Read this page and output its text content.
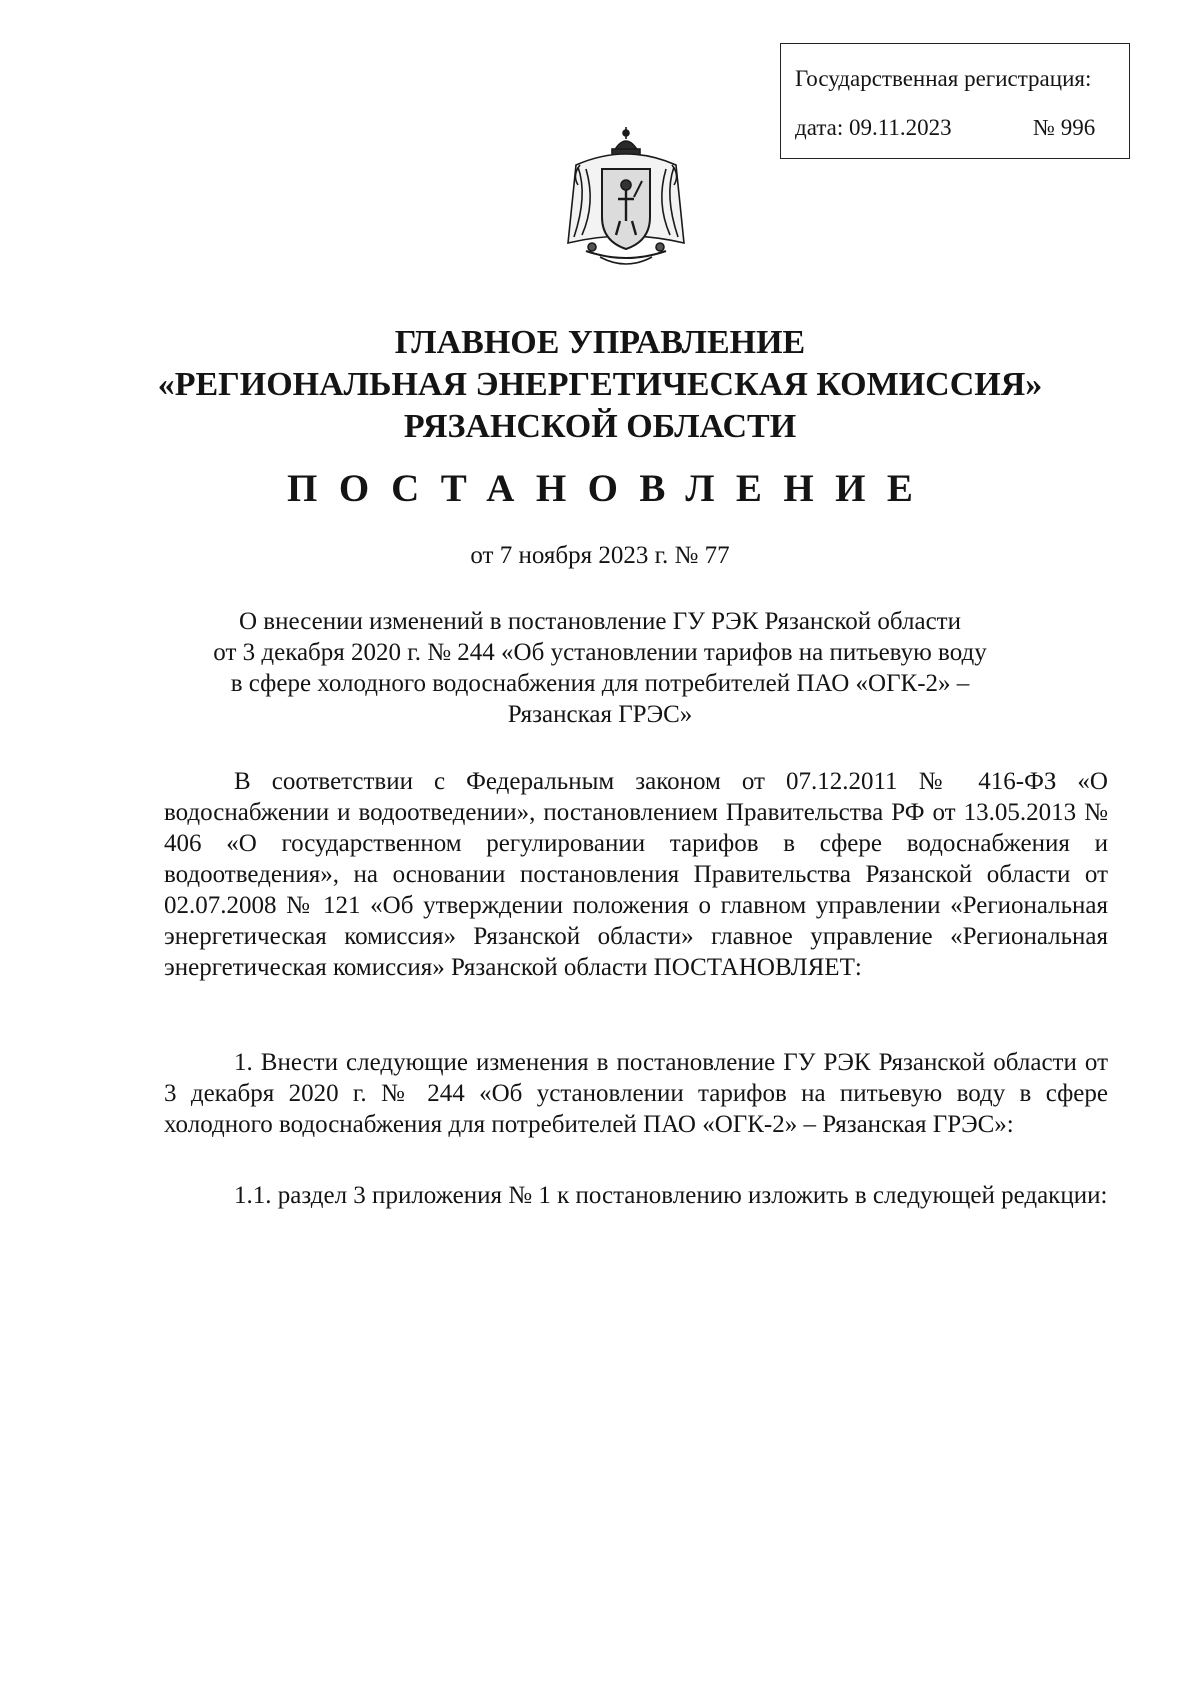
Государственная регистрация:
дата: 09.11.2023	№ 996
ГЛАВНОЕ УПРАВЛЕНИЕ
«РЕГИОНАЛЬНАЯ ЭНЕРГЕТИЧЕСКАЯ КОМИССИЯ»
РЯЗАНСКОЙ ОБЛАСТИ
ПОСТАНОВЛЕНИЕ
от 7 ноября 2023 г. № 77
О внесении изменений в постановление ГУ РЭК Рязанской области
от 3 декабря 2020 г. № 244 «Об установлении тарифов на питьевую воду
в сфере холодного водоснабжения для потребителей ПАО «ОГК-2» –
Рязанская ГРЭС»

В соответствии с Федеральным законом от 07.12.2011 № 416-ФЗ «О водоснабжении и водоотведении», постановлением Правительства РФ от 13.05.2013 № 406 «О государственном регулировании тарифов в сфере водоснабжения и водоотведения», на основании постановления Правительства Рязанской области от 02.07.2008 № 121 «Об утверждении положения о главном управлении «Региональная энергетическая комиссия» Рязанской области» главное управление «Региональная энергетическая комиссия» Рязанской области ПОСТАНОВЛЯЕТ:

1. Внести следующие изменения в постановление ГУ РЭК Рязанской области от 3 декабря 2020 г. № 244 «Об установлении тарифов на питьевую воду в сфере холодного водоснабжения для потребителей ПАО «ОГК-2» – Рязанская ГРЭС»:

1.1. раздел 3 приложения № 1 к постановлению изложить в следующей редакции:
